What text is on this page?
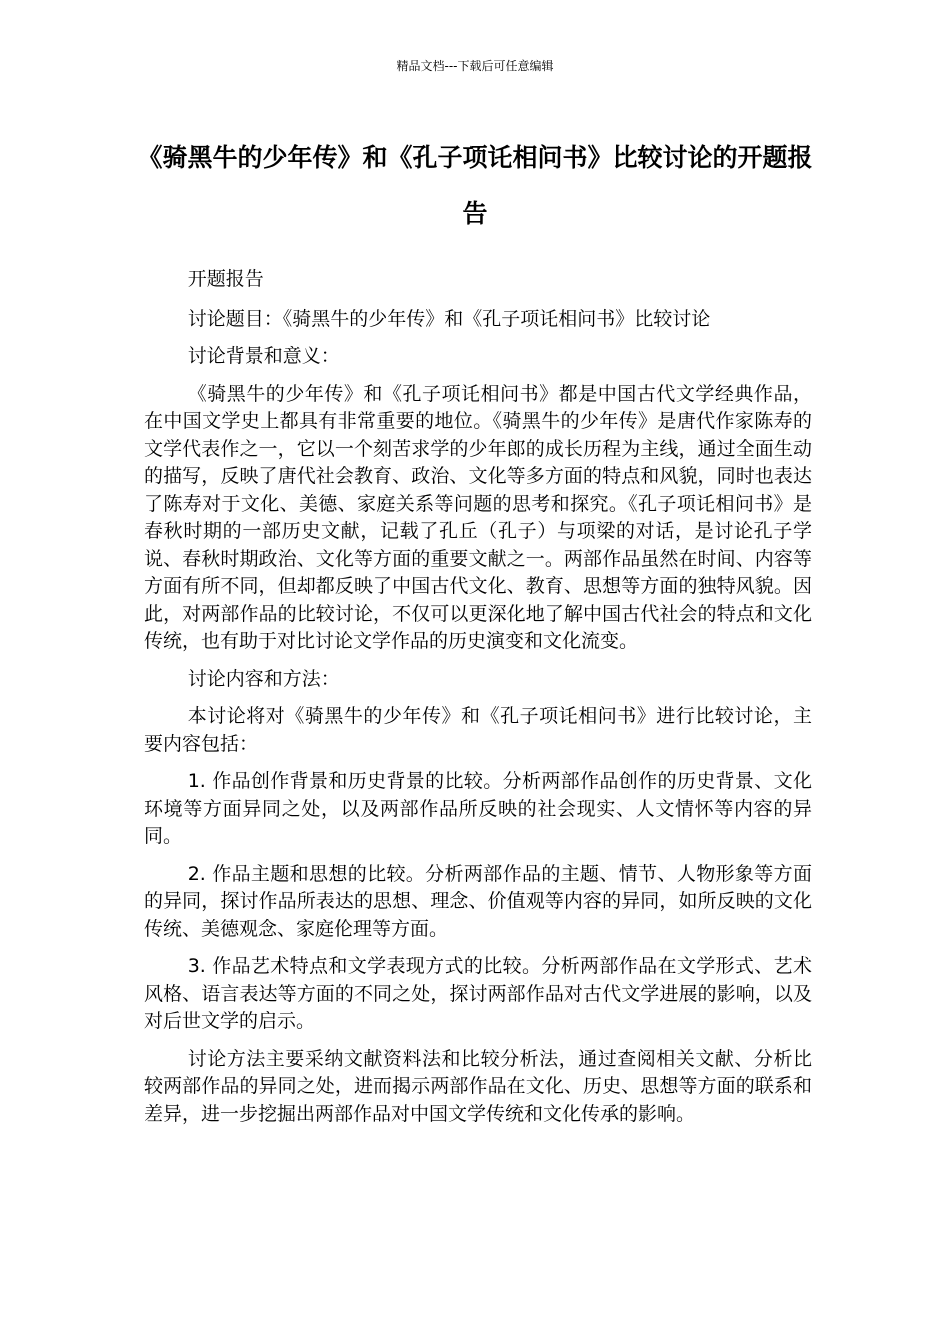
精品文档---下载后可任意编辑
《骑黑牛的少年传》和《孔子项讬相问书》比较讨论的开题报告

开题报告

讨论题目：《骑黑牛的少年传》和《孔子项讬相问书》比较讨论

讨论背景和意义：

《骑黑牛的少年传》和《孔子项讬相问书》都是中国古代文学经典作品，在中国文学史上都具有非常重要的地位。《骑黑牛的少年传》是唐代作家陈寿的文学代表作之一，它以一个刻苦求学的少年郎的成长历程为主线，通过全面生动的描写，反映了唐代社会教育、政治、文化等多方面的特点和风貌，同时也表达了陈寿对于文化、美德、家庭关系等问题的思考和探究。《孔子项讬相问书》是春秋时期的一部历史文献，记载了孔丘（孔子）与项梁的对话，是讨论孔子学说、春秋时期政治、文化等方面的重要文献之一。两部作品虽然在时间、内容等方面有所不同，但却都反映了中国古代文化、教育、思想等方面的独特风貌。因此，对两部作品的比较讨论，不仅可以更深化地了解中国古代社会的特点和文化传统，也有助于对比讨论文学作品的历史演变和文化流变。

讨论内容和方法：

本讨论将对《骑黑牛的少年传》和《孔子项讬相问书》进行比较讨论，主要内容包括：

1. 作品创作背景和历史背景的比较。分析两部作品创作的历史背景、文化环境等方面异同之处，以及两部作品所反映的社会现实、人文情怀等内容的异同。

2. 作品主题和思想的比较。分析两部作品的主题、情节、人物形象等方面的异同，探讨作品所表达的思想、理念、价值观等内容的异同，如所反映的文化传统、美德观念、家庭伦理等方面。

3. 作品艺术特点和文学表现方式的比较。分析两部作品在文学形式、艺术风格、语言表达等方面的不同之处，探讨两部作品对古代文学进展的影响，以及对后世文学的启示。

讨论方法主要采纳文献资料法和比较分析法，通过查阅相关文献、分析比较两部作品的异同之处，进而揭示两部作品在文化、历史、思想等方面的联系和差异，进一步挖掘出两部作品对中国文学传统和文化传承的影响。
